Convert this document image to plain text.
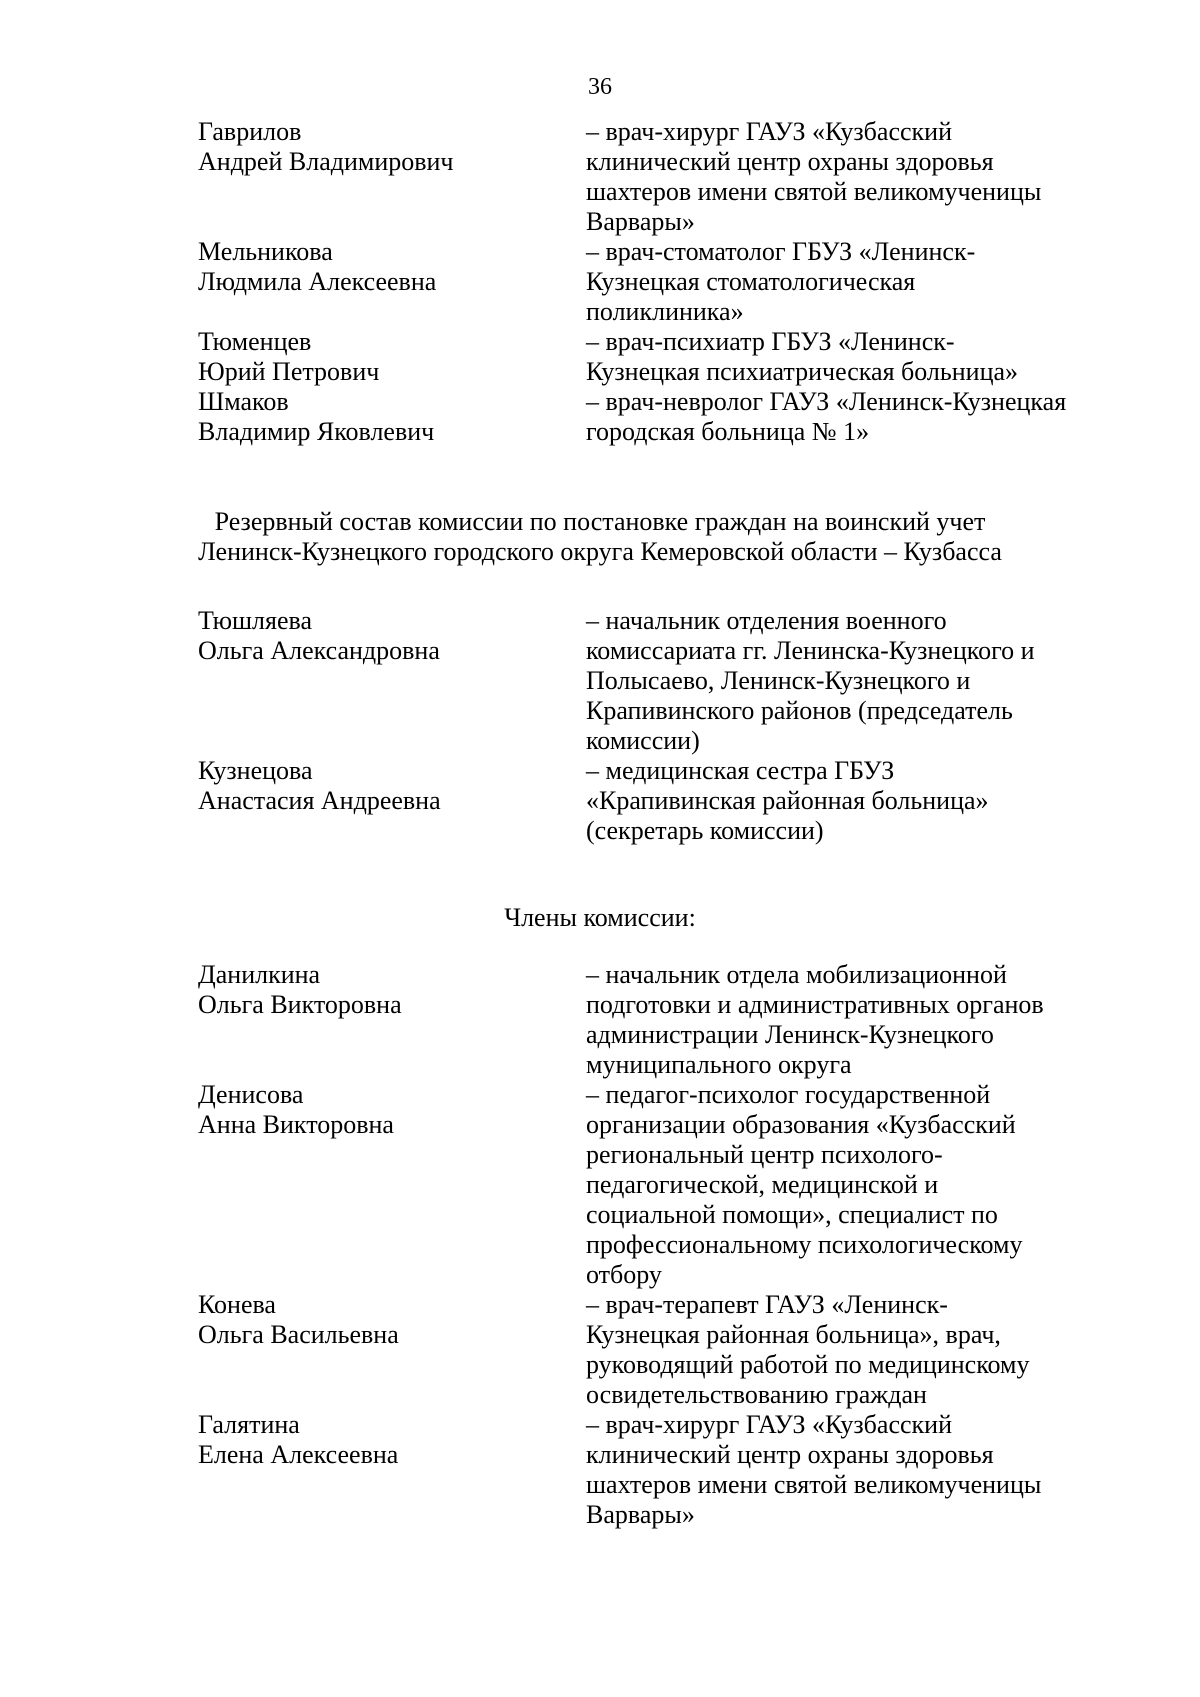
36
Гаврилов
Андрей Владимирович
– врач-хирург ГАУЗ «Кузбасский
клинический центр охраны здоровья
шахтеров имени святой великомученицы
Варвары»
Мельникова
Людмила Алексеевна
– врач-стоматолог ГБУЗ «Ленинск-
Кузнецкая стоматологическая
поликлиника»
Тюменцев
Юрий Петрович
– врач-психиатр ГБУЗ «Ленинск-
Кузнецкая психиатрическая больница»
Шмаков
Владимир Яковлевич
– врач-невролог ГАУЗ «Ленинск-Кузнецкая
городская больница № 1»
Резервный состав комиссии по постановке граждан на воинский учет
Ленинск-Кузнецкого городского округа Кемеровской области – Кузбасса
Тюшляева
Ольга Александровна
– начальник отделения военного
комиссариата гг. Ленинска-Кузнецкого и
Полысаево, Ленинск-Кузнецкого и
Крапивинского районов (председатель
комиссии)
Кузнецова
Анастасия Андреевна
– медицинская сестра ГБУЗ
«Крапивинская районная больница»
(секретарь комиссии)
Члены комиссии:
Данилкина
Ольга Викторовна
– начальник отдела мобилизационной
подготовки и административных органов
администрации Ленинск-Кузнецкого
муниципального округа
Денисова
Анна Викторовна
– педагог-психолог государственной
организации образования «Кузбасский
региональный центр психолого-
педагогической, медицинской и
социальной помощи», специалист по
профессиональному психологическому
отбору
Конева
Ольга Васильевна
– врач-терапевт ГАУЗ «Ленинск-
Кузнецкая районная больница», врач,
руководящий работой по медицинскому
освидетельствованию граждан
Галятина
Елена Алексеевна
– врач-хирург ГАУЗ «Кузбасский
клинический центр охраны здоровья
шахтеров имени святой великомученицы
Варвары»
